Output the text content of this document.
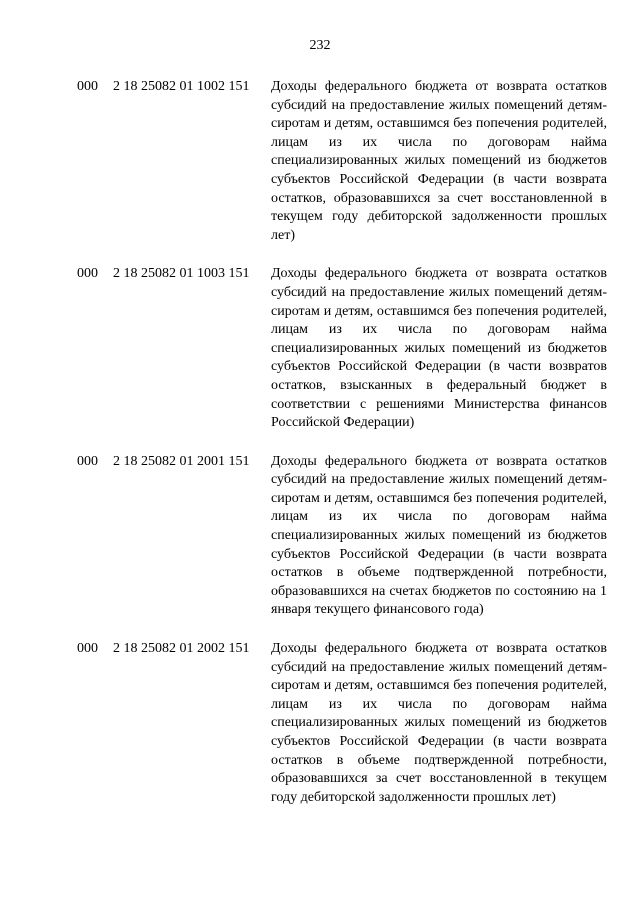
232
000 2 18 25082 01 1002 151 Доходы федерального бюджета от возврата остатков субсидий на предоставление жилых помещений детям-сиротам и детям, оставшимся без попечения родителей, лицам из их числа по договорам найма специализированных жилых помещений из бюджетов субъектов Российской Федерации (в части возврата остатков, образовавшихся за счет восстановленной в текущем году дебиторской задолженности прошлых лет)
000 2 18 25082 01 1003 151 Доходы федерального бюджета от возврата остатков субсидий на предоставление жилых помещений детям-сиротам и детям, оставшимся без попечения родителей, лицам из их числа по договорам найма специализированных жилых помещений из бюджетов субъектов Российской Федерации (в части возвратов остатков, взысканных в федеральный бюджет в соответствии с решениями Министерства финансов Российской Федерации)
000 2 18 25082 01 2001 151 Доходы федерального бюджета от возврата остатков субсидий на предоставление жилых помещений детям-сиротам и детям, оставшимся без попечения родителей, лицам из их числа по договорам найма специализированных жилых помещений из бюджетов субъектов Российской Федерации (в части возврата остатков в объеме подтвержденной потребности, образовавшихся на счетах бюджетов по состоянию на 1 января текущего финансового года)
000 2 18 25082 01 2002 151 Доходы федерального бюджета от возврата остатков субсидий на предоставление жилых помещений детям-сиротам и детям, оставшимся без попечения родителей, лицам из их числа по договорам найма специализированных жилых помещений из бюджетов субъектов Российской Федерации (в части возврата остатков в объеме подтвержденной потребности, образовавшихся за счет восстановленной в текущем году дебиторской задолженности прошлых лет)
